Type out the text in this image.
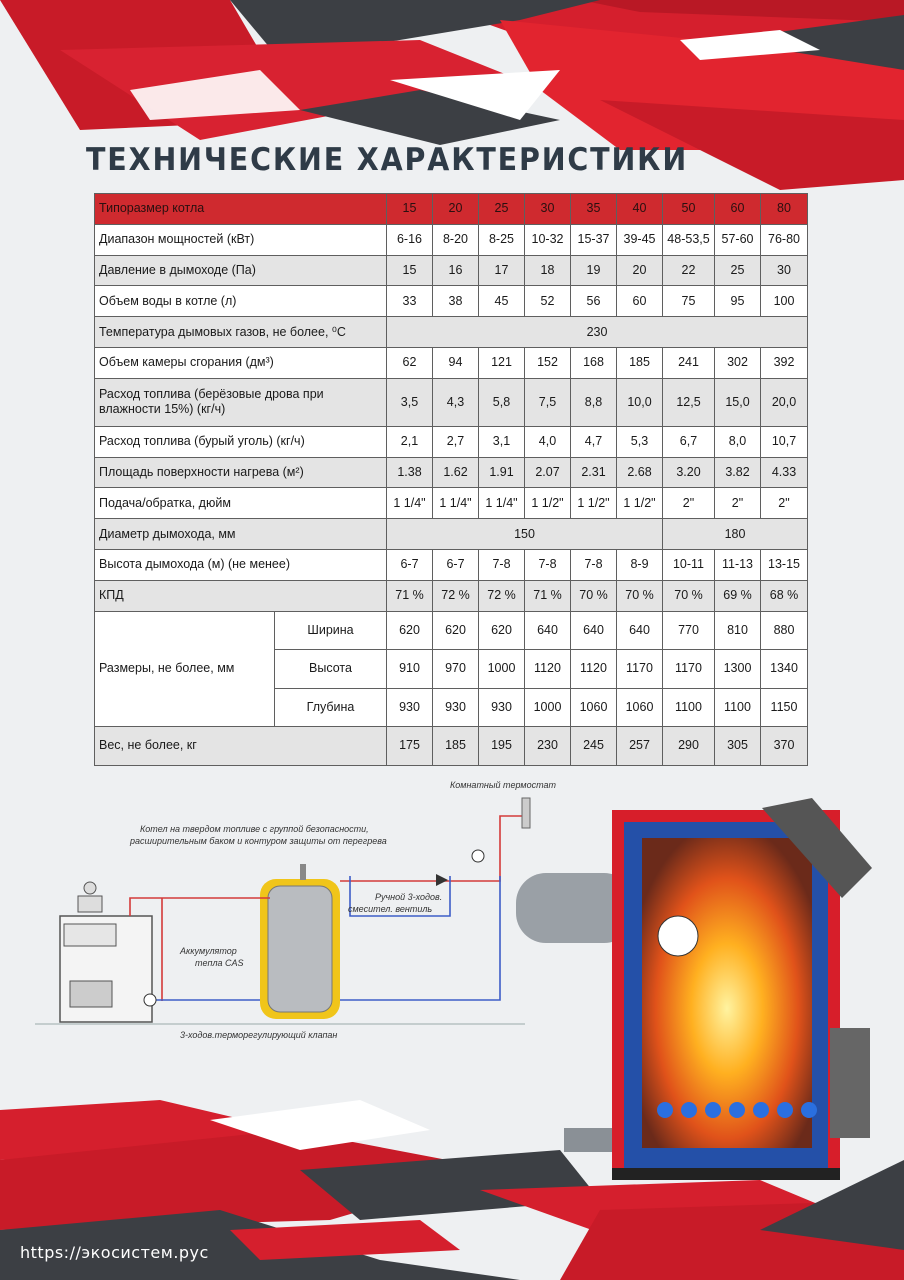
ТЕХНИЧЕСКИЕ ХАРАКТЕРИСТИКИ
Типоразмер котла		15	20	25	30	35	40	50	60	80
Диапазон мощностей (кВт)		6-16	8-20	8-25	10-32	15-37	39-45	48-53,5	57-60	76-80
Давление в дымоходе (Па)		15	16	17	18	19	20	22	25	30
Объем воды в котле (л)		33	38	45	52	56	60	75	95	100
Температура дымовых газов, не более, ⁰С		230								
Объем камеры сгорания (дм³)		62	94	121	152	168	185	241	302	392
Расход топлива (берёзовые дрова при влажности 15%) (кг/ч)		3,5	4,3	5,8	7,5	8,8	10,0	12,5	15,0	20,0
Расход топлива (бурый уголь) (кг/ч)		2,1	2,7	3,1	4,0	4,7	5,3	6,7	8,0	10,7
Площадь поверхности нагрева (м²)		1.38	1.62	1.91	2.07	2.31	2.68	3.20	3.82	4.33
Подача/обратка, дюйм		1 1/4"	1 1/4"	1 1/4"	1 1/2"	1 1/2"	1 1/2"	2"	2"	2"
Диаметр дымохода, мм		150						180		
Высота дымохода (м) (не менее)		6-7	6-7	7-8	7-8	7-8	8-9	10-11	11-13	13-15
КПД		71 %	72 %	72 %	71 %	70 %	70 %	70 %	69 %	68 %
Размеры, не более, мм	Ширина	620	620	620	640	640	640	770	810	880
	Высота	910	970	1000	1120	1120	1170	1170	1300	1340
	Глубина	930	930	930	1000	1060	1060	1100	1100	1150
Вес, не более, кг		175	185	195	230	245	257	290	305	370
Комнатный термостат
Котел на твердом топливе с группой безопасности,
расширительным баком и контуром защиты от перегрева
Аккумулятор
тепла CAS
Ручной 3-ходов.
смесител. вентиль
3-ходов.терморегулирующий клапан

https://экосистем.рус
